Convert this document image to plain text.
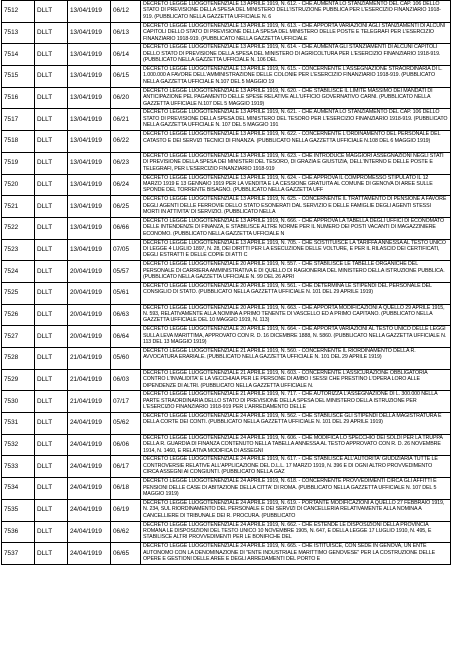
7512	DLLT	13/04/1919	06/12	DECRETO LEGGE LUOGOTENENZIALE 13 APRILE 1919, N. 612. - CHE AUMENTA LO STANZIAMENTO DEL CAP. 106 DELLO STATO DI PREVISIONE DELLA SPESA DEL MINISTERO DELL'ISTRUZIONE PUBBLICA PER L'ESERCIZIO FINANZIARIO 1918-919. (PUBBLICATO NELLA GAZZETTA UFFICIALE N. 6

7513	DLLT	13/04/1919	06/13	DECRETO LEGGE LUOGOTENENZIALE 13 APRILE 1919, N. 613. - CHE APPORTA VARIAZIONI AGLI STANZIAMENTI DI ALCUNI CAPITOLI DELLO STATO DI PREVISIONE DELLA SPESA DEL MINISTERO DELLE POSTE E TELEGRAFI PER L'ESERCIZIO FINANZIARIO 1918-919. (PUBBLICATO NELLA GAZZETTA UFFICIALE

7514	DLLT	13/04/1919	06/14	DECRETO LEGGE LUOGOTENENZIALE 13 APRILE 1919, N. 614. - CHE AUMENTA GLI STANZIAMENTI DI ALCUNI CAPITOLI DELLO STATO DI PREVISIONE DELLA SPESA DEL MINISTERO DI AGRICOLTURA PER L'ESERCIZIO FINANZIARIO 1918-919. (PUBBLICATO NELLA GAZZETTA UFFICIALE N. 106 DEL

7515	DLLT	13/04/1919	06/15	DECRETO LEGGE LUOGOTENENZIALE 13 APRILE 1919, N. 615. - CONCERNENTE L'ASSEGNAZIONE STRAORDINARIA DI L. 1.000.000 A FAVORE DELL'AMMINISTRAZIONE DELLE COLONIE PER L'ESERCIZIO FINANZIARIO 1918-919. (PUBBLICATO NELLA GAZZETTA UFFICIALE N.107 DEL 5 MAGGIO 19

7516	DLLT	13/04/1919	06/20	DECRETO LEGGE LUOGOTENENZIALE 13 APRILE 1919, N. 620. - CHE STABILISCE IL LIMITE MASSIMO DEI MANDATI DI ANTICIPAZIONE PEL PAGAMENTO DELLE SPESE RELATIVE ALL'UFFICIO GOVERNATIVO CARNI. (PUBBLICATO NELLA GAZZETTA UFFICIALE N.107 DEL 5 MAGGIO 1919)

7517	DLLT	13/04/1919	06/21	DECRETO LEGGE LUOGOTENENZIALE 13 APRILE 1919, N. 621. - CHE AUMENTA LO STANZIAMENTO DEL CAP. 106 DELLO STATO DI PREVISIONE DELLA SPESA DEL MINISTERO DEL TESORO PER L'ESERCIZIO FINANZIARIO 1918-919. (PUBBLICATO NELLA GAZZETTA UFFICIALE N. 107 DEL 5 MAGGIO 191

7518	DLLT	13/04/1919	06/22	DECRETO LEGGE LUOGOTENENZIALE 13 APRILE 1919, N. 622. - CONCERNENTE L'ORDINAMENTO DEL PERSONALE DEL CATASTO E DEI SERVIZI TECNICI DI FINANZA. (PUBBLICATO NELLA GAZZETTA UFFICIALE N.108 DEL 6 MAGGIO 1919)

7519	DLLT	13/04/1919	06/23	DECRETO LEGGE LUOGOTENENZIALE 13 APRILE 1919, N. 623. - CHE INTRODUCE MAGGIORI ASSEGNAZIONI NEGLI STATI DI PREVISIONE DELLA SPESA DEI MINISTERI DEL TESORO, DI GRAZIA E GIUSTIZIA, DELL'INTERNO E DELLE POSTE E TELEGRAFI, PER L'ESERCIZIO FINANZIARIO 1918-919

7520	DLLT	13/04/1919	06/24	DECRETO LEGGE LUOGOTENENZIALE 13 APRILE 1919, N. 624. - CHE APPROVA IL COMPROMESSO STIPULATO IL 12 MARZO 1919 E 13 GENNAIO 1919 PER LA VENDITA E LA CESSIONE GRATUITA AL COMUNE DI GENOVA DI AREE SULLE SPONDE DEL TORRENTE BISAGNO. (PUBBLICATO NELLA GAZZETTA UFF

7521	DLLT	13/04/1919	06/25	DECRETO LEGGE LUOGOTENENZIALE 13 APRILE 1919, N. 625. - CONCERNENTE IL TRATTAMENTO DI PENSIONE A FAVORE DEGLI AGENTI DELLE FERROVIE DELLO STATO ESONERATI DAL SERVIZIO E DELLE FAMIGLIE DEGLI AGENTI STESSI MORTI IN ATTIVITA' DI SERVIZIO. (PUBBLICATO NELLA

7522	DLLT	13/04/1919	06/66	DECRETO LEGGE LUOGOTENENZIALE 13 APRILE 1919, N. 666. - CHE APPROVA LA TABELLA DEGLI UFFICI DI ECONOMATO DELLE INTENDENZE DI FINANZA, E STABILISCE ALTRE NORME PER IL NUMERO DEI POSTI VACANTI DI MAGAZZINIERE ECONOMO. (PUBBLICATO NELLA GAZZETTA UFFICIALE N

7523	DLLT	13/04/1919	07/05	DECRETO LEGGE LUOGOTENENZIALE 13 APRILE 1919, N. 705. - CHE SOSTITUISCE LA TARIFFA ANNESSA AL TESTO UNICO DI LEGGE 4 LUGLIO 1897, N. 28, DEI DIRITTI PER LA ESECUZIONE DELLE VOLTURE, E PER IL RILASCIO DEI CERTIFICATI, DEGLI ESTRATTI E DELLE COPIE DI ATTI C

7524	DLLT	20/04/1919	05/57	DECRETO LEGGE LUOGOTENENZIALE 20 APRILE 1919, N. 557. - CHE STABILISCE LE TABELLE ORGANICHE DEL PERSONALE DI CARRIERA AMMINISTRATIVA E DI QUELLO DI RAGIONERIA DEL MINISTERO DELLA ISTRUZIONE PUBBLICA. (PUBBLICATO NELLA GAZZETTA UFFICIALE N. 99 DEL 26 APRI

7525	DLLT	20/04/1919	05/61	DECRETO LEGGE LUOGOTENENZIALE 20 APRILE 1919, N. 561. - CHE DETERMINA LE STIPENDI DEL PERSONALE DEL CONSIGLIO DI STATO. (PUBBLICATO NELLA GAZZETTA UFFICIALE N. 101 DEL 29 APRILE 1919)

7526	DLLT	20/04/1919	06/63	DECRETO LEGGE LUOGOTENENZIALE 20 APRILE 1919, N. 663. - CHE APPORTA MODIFICAZIONI A QUELLO 29 APRILE 1915, N. 593, RELATIVAMENTE ALLA NOMINA A PRIMO TENENTE DI VASCELLO ED A PRIMO CAPITANO. (PUBBLICATO NELLA GAZZETTA UFFICIALE DEL 10 MAGGIO 1919, N. 113)

7527	DLLT	20/04/1919	06/64	DECRETO LEGGE LUOGOTENENZIALE 20 APRILE 1919, N. 664. - CHE APPORTA VARIAZIONI AL TESTO UNICO DELLE LEGGI SULLA LEVA MARITTIMA, APPROVATO CON R. D. 16 DICEMBRE 1888, N. 5860. (PUBBLICATO NELLA GAZZETTA UFFICIALE N. 113 DEL 13 MAGGIO 1919)

7528	DLLT	21/04/1919	05/60	DECRETO LEGGE LUOGOTENENZIALE 21 APRILE 1919, N. 560. - CONCERNENTE IL RIORDINAMENTO DELLA R. AVVOCATURA ERARIALE. (PUBBLICATO NELLA GAZZETTA UFFICIALE N. 101 DEL 29 APRILE 1919)

7529	DLLT	21/04/1919	06/03	DECRETO LEGGE LUOGOTENENZIALE 21 APRILE 1919, N. 603. - CONCERNENTE L'ASSICURAZIONE OBBLIGATORIA CONTRO L'INVALIDITA' E LA VECCHIAIA PER LE PERSONE DI AMBO I SESSI CHE PRESTINO L'OPERA LORO ALLE DIPENDENZE DI ALTRI. (PUBBLICATO NELLA GAZZETTA UFFICIALE N.

7530	DLLT	21/04/1919	07/17	DECRETO LEGGE LUOGOTENENZIALE 21 APRILE 1919, N. 717. - CHE AUTORIZZA L'ASSEGNAZIONE DI L. 300.000 NELLA PARTE STRAORDINARIA DELLO STATO DI PREVISIONE DELLA SPESA DEL MINISTERO DELLA ISTRUZIONE PER L'ESERCIZIO FINANZIARIO 1918-919 PER L'ARREDAMENTO DELLE

7531	DLLT	24/04/1919	05/62	DECRETO LEGGE LUOGOTENENZIALE 24 APRILE 1919, N. 562. - CHE STABILISCE GLI STIPENDI DELLA MAGISTRATURA E DELLA CORTE DEI CONTI. (PUBBLICATO NELLA GAZZETTA UFFICIALE N. 101 DEL 29 APRILE 1919)

7532	DLLT	24/04/1919	06/06	DECRETO LEGGE LUOGOTENENZIALE 24 APRILE 1919, N. 606. - CHE MODIFICA LO SPECCHIO DEI SOLDI PER LA TRUPPA DELLA R. GUARDIA DI FINANZA CONTENUTO NELLA TABELLA ANNESSA AL TESTO APPROVATO CON R. D. 26 NOVEMBRE 1914, N. 1460, E RELATIVA MODIFICA DI ASSEGNI

7533	DLLT	24/04/1919	06/17	DECRETO LEGGE LUOGOTENENZIALE 24 APRILE 1919, N. 617. - CHE STABILISCE ALL'AUTORITA' GIUDIZIARIA TUTTE LE CONTROVERSIE RELATIVE ALL'APPLICAZIONE DEL D.L.L. 17 MARZO 1919, N. 396 E DI OGNI ALTRO PROVVEDIMENTO CIRCA ASSEGNI AI CONGIUNTI. (PUBBLICATO NELLA GAZ

7534	DLLT	24/04/1919	06/18	DECRETO LEGGE LUOGOTENENZIALE 24 APRILE 1919, N. 618. - CONCERNENTE PROVVEDIMENTI CIRCA GLI AFFITTI E PENSIONI DELLE CASE DI ABITAZIONE DELLA CITTA' DI ROMA. (PUBBLICATO NELLA GAZZETTA UFFICIALE N. 107 DEL 5 MAGGIO 1919)

7535	DLLT	24/04/1919	06/19	DECRETO LEGGE LUOGOTENENZIALE 24 APRILE 1919, N. 619. - PORTANTE MODIFICAZIONI A QUELLO 27 FEBBRAIO 1919, N. 234, SUL RIORDINAMENTO DEL PERSONALE E DEI SERVIZI DI CANCELLERIA RELATIVAMENTE ALLA NOMINA A CANCELLIERE DI TRIBUNALE DEI R. PROCURA. (PUBBLICATO

7536	DLLT	24/04/1919	06/62	DECRETO LEGGE LUOGOTENENZIALE 24 APRILE 1919, N. 662. - CHE ESTENDE LE DISPOSIZIONI DELLA PROVINCIA ROMANA LE DISPOSIZIONI DEL TESTO UNICO 10 NOVEMBRE 1905, N. 647, E DELLA LEGGE 17 LUGLIO 1910, N. 495, E STABILISCE ALTRI PROVVEDIMENTI PER LE BONIFICHE DEL

7537	DLLT	24/04/1919	06/65	DECRETO LEGGE LUOGOTENENZIALE 24 APRILE 1919, N. 665. - CHE ISTITUISCE, CON SEDE IN GENOVA, UN ENTE AUTONOMO CON LA DENOMINAZIONE DI "ENTE INDUSTRIALE MARITTIMO GENOVESE" PER LA COSTRUZIONE DELLE OPERE E GESTIONI DELLE AREE E DEGLI ARREDAMENTI DEL PORTO E
